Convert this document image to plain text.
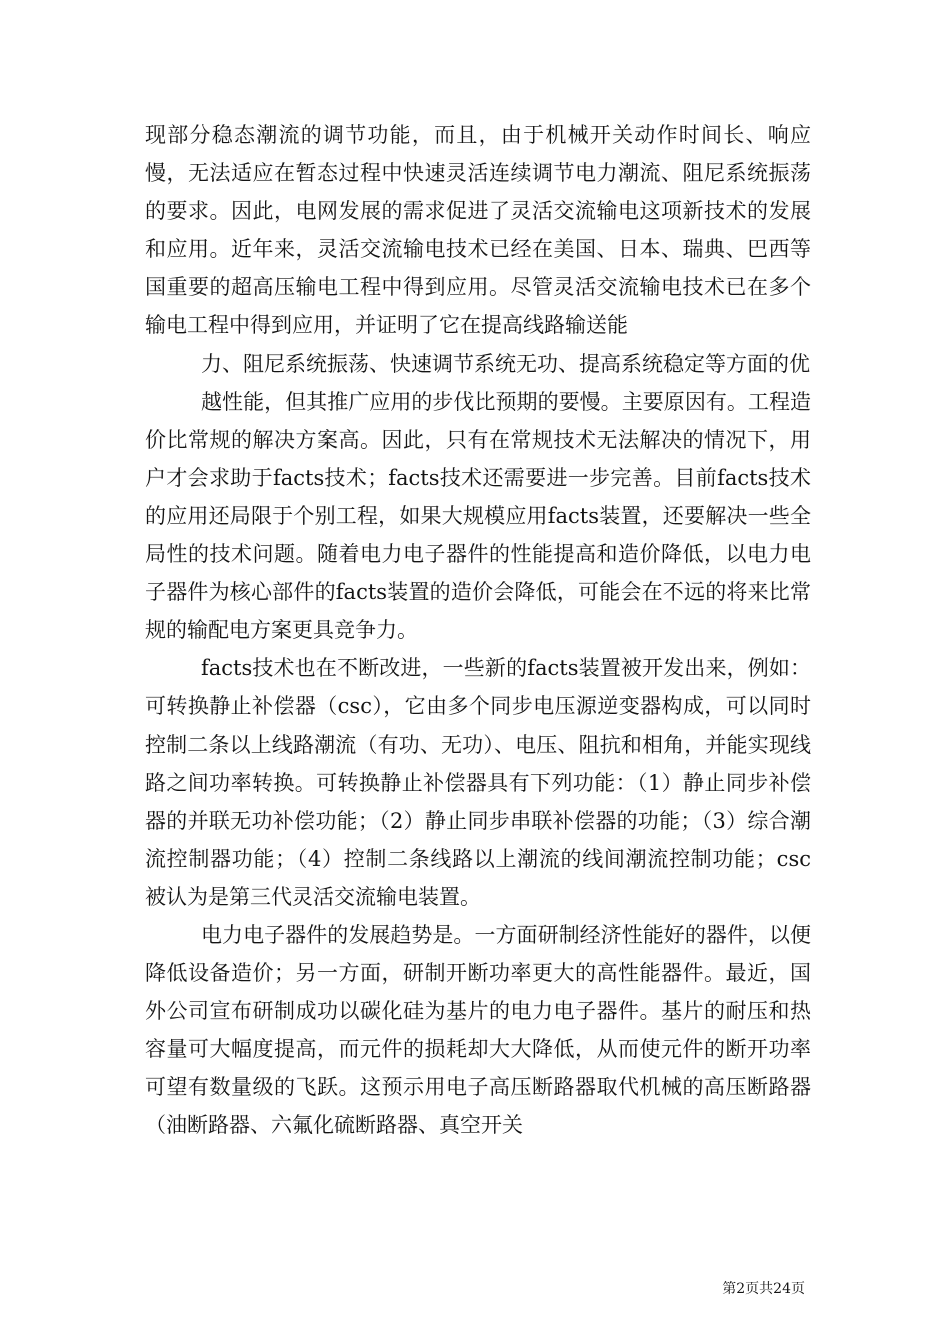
现部分稳态潮流的调节功能，而且，由于机械开关动作时间长、响应慢，无法适应在暂态过程中快速灵活连续调节电力潮流、阻尼系统振荡的要求。因此，电网发展的需求促进了灵活交流输电这项新技术的发展和应用。近年来，灵活交流输电技术已经在美国、日本、瑞典、巴西等国重要的超高压输电工程中得到应用。尽管灵活交流输电技术已在多个输电工程中得到应用，并证明了它在提高线路输送能

力、阻尼系统振荡、快速调节系统无功、提高系统稳定等方面的优

越性能，但其推广应用的步伐比预期的要慢。主要原因有。工程造价比常规的解决方案高。因此，只有在常规技术无法解决的情况下，用户才会求助于facts技术；facts技术还需要进一步完善。目前facts技术的应用还局限于个别工程，如果大规模应用facts装置，还要解决一些全局性的技术问题。随着电力电子器件的性能提高和造价降低，以电力电子器件为核心部件的facts装置的造价会降低，可能会在不远的将来比常规的输配电方案更具竞争力。

facts技术也在不断改进，一些新的facts装置被开发出来，例如：可转换静止补偿器（csc），它由多个同步电压源逆变器构成，可以同时控制二条以上线路潮流（有功、无功）、电压、阻抗和相角，并能实现线路之间功率转换。可转换静止补偿器具有下列功能：（1）静止同步补偿器的并联无功补偿功能；（2）静止同步串联补偿器的功能；（3）综合潮流控制器功能；（4）控制二条线路以上潮流的线间潮流控制功能；csc被认为是第三代灵活交流输电装置。

电力电子器件的发展趋势是。一方面研制经济性能好的器件，以便降低设备造价；另一方面，研制开断功率更大的高性能器件。最近，国外公司宣布研制成功以碳化硅为基片的电力电子器件。基片的耐压和热容量可大幅度提高，而元件的损耗却大大降低，从而使元件的断开功率可望有数量级的飞跃。这预示用电子高压断路器取代机械的高压断路器（油断路器、六氟化硫断路器、真空开关

第2页共24页
